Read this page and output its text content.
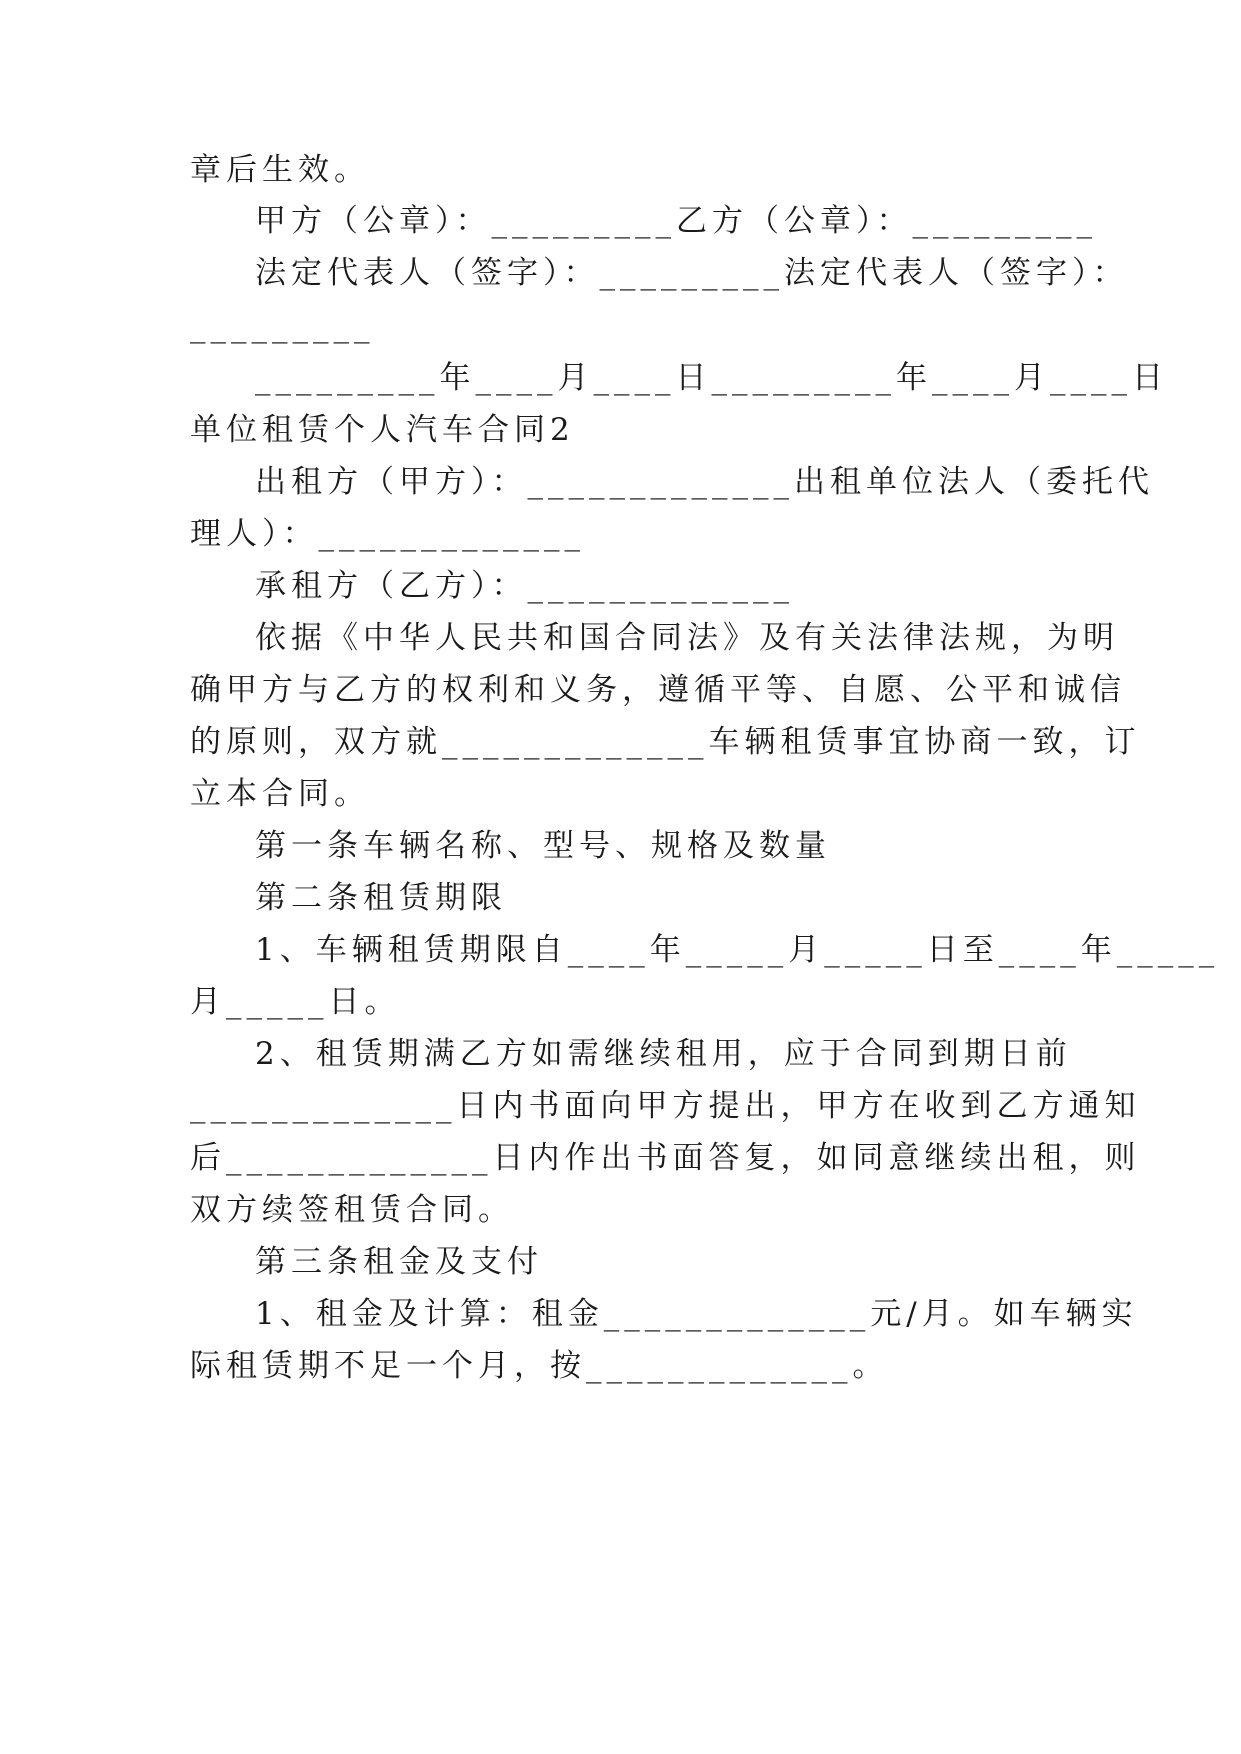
章后生效。
甲方（公章）：_________乙方（公章）：_________
法定代表人（签字）：_________法定代表人（签字）：
_________
_________年____月____日_________年____月____日
单位租赁个人汽车合同2
出租方（甲方）：_____________出租单位法人（委托代
理人）：_____________
承租方（乙方）：_____________
依据《中华人民共和国合同法》及有关法律法规，为明
确甲方与乙方的权利和义务，遵循平等、自愿、公平和诚信
的原则，双方就_____________车辆租赁事宜协商一致，订
立本合同。
第一条车辆名称、型号、规格及数量
第二条租赁期限
1、车辆租赁期限自____年_____月_____日至____年_____
月_____日。
2、租赁期满乙方如需继续租用，应于合同到期日前
_____________日内书面向甲方提出，甲方在收到乙方通知
后_____________日内作出书面答复，如同意继续出租，则
双方续签租赁合同。
第三条租金及支付
1、租金及计算：租金_____________元/月。如车辆实
际租赁期不足一个月，按_____________。
